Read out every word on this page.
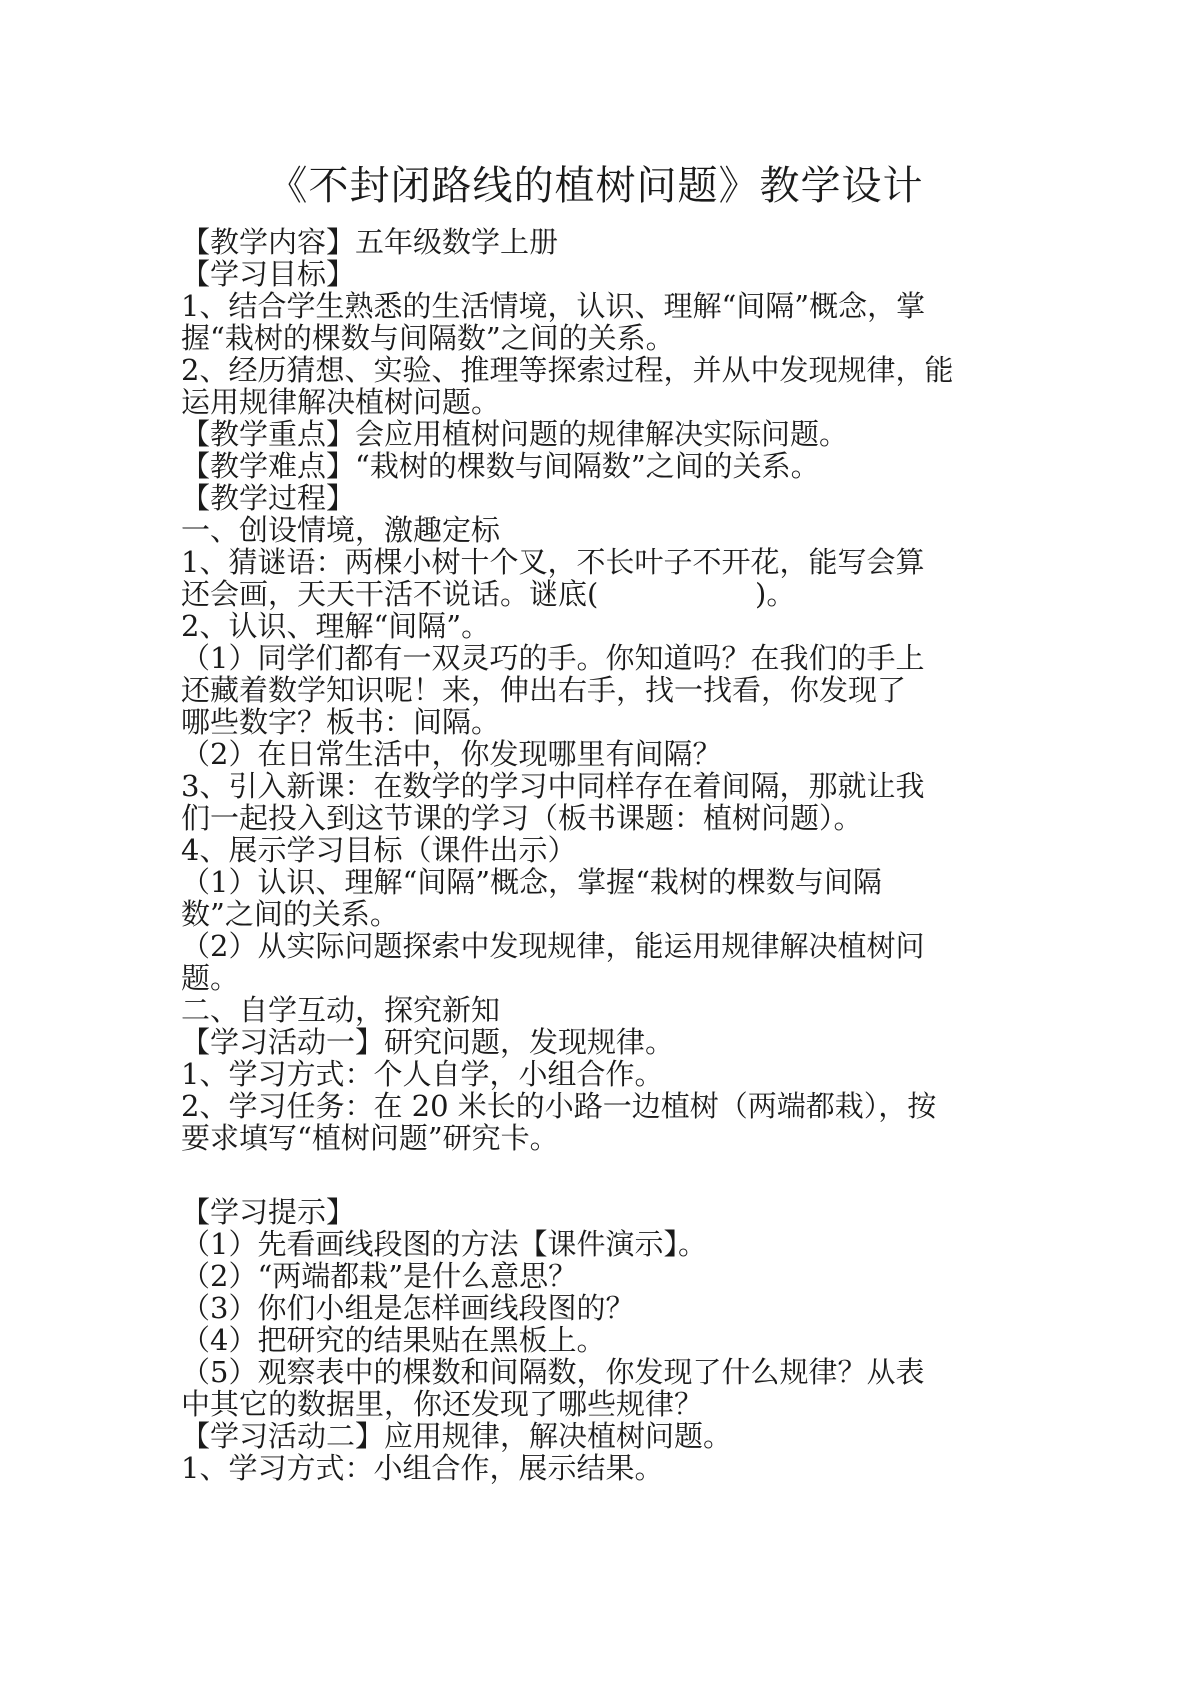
《不封闭路线的植树问题》教学设计
【教学内容】五年级数学上册
【学习目标】
1、结合学生熟悉的生活情境，认识、理解“间隔”概念，掌
握“栽树的棵数与间隔数”之间的关系。
2、经历猜想、实验、推理等探索过程，并从中发现规律，能
运用规律解决植树问题。
【教学重点】会应用植树问题的规律解决实际问题。
【教学难点】“栽树的棵数与间隔数”之间的关系。
【教学过程】
一、创设情境，激趣定标
1、猜谜语：两棵小树十个叉，不长叶子不开花，能写会算
还会画，天天干活不说话。谜底(                 )。
2、认识、理解“间隔”。
（1）同学们都有一双灵巧的手。你知道吗？在我们的手上
还藏着数学知识呢！来，伸出右手，找一找看，你发现了
哪些数字？板书：间隔。
（2）在日常生活中，你发现哪里有间隔？
3、引入新课：在数学的学习中同样存在着间隔，那就让我
们一起投入到这节课的学习（板书课题：植树问题）。
4、展示学习目标（课件出示）
（1）认识、理解“间隔”概念，掌握“栽树的棵数与间隔
数”之间的关系。
（2）从实际问题探索中发现规律，能运用规律解决植树问
题。
二、自学互动，探究新知
【学习活动一】研究问题，发现规律。
1、学习方式：个人自学，小组合作。
2、学习任务：在 20 米长的小路一边植树（两端都栽），按
要求填写“植树问题”研究卡。
【学习提示】
（1）先看画线段图的方法【课件演示】。
（2）“两端都栽”是什么意思？
（3）你们小组是怎样画线段图的？
（4）把研究的结果贴在黑板上。
（5）观察表中的棵数和间隔数，你发现了什么规律？从表
中其它的数据里，你还发现了哪些规律？
【学习活动二】应用规律，解决植树问题。
1、学习方式：小组合作，展示结果。
